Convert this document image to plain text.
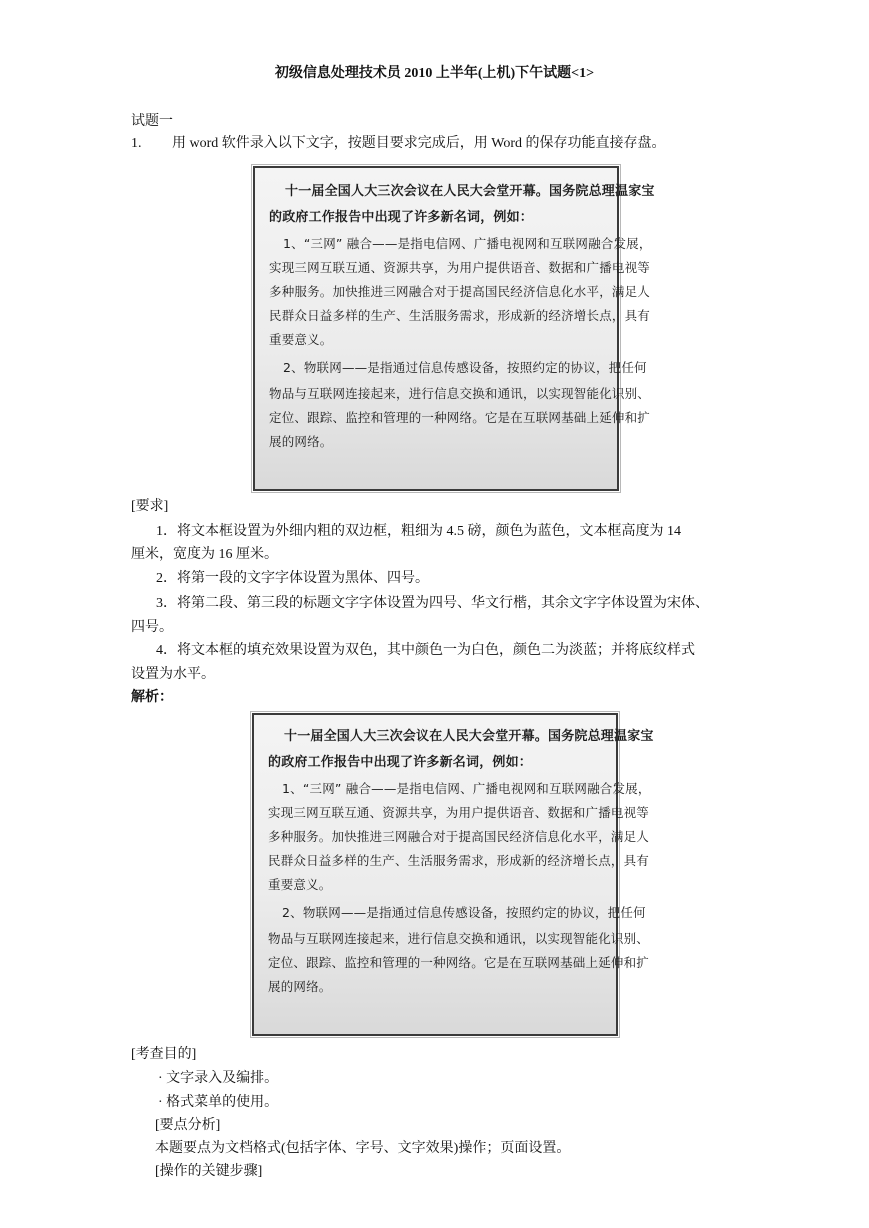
初级信息处理技术员 2010 上半年(上机)下午试题<1>
试题一
1. 用 word 软件录入以下文字，按题目要求完成后，用 Word 的保存功能直接存盘。
十一届全国人大三次会议在人民大会堂开幕。国务院总理温家宝
的政府工作报告中出现了许多新名词，例如：
1、“三网” 融合——是指电信网、广播电视网和互联网融合发展，
实现三网互联互通、资源共享，为用户提供语音、数据和广播电视等
多种服务。加快推进三网融合对于提高国民经济信息化水平，满足人
民群众日益多样的生产、生活服务需求，形成新的经济增长点，具有
重要意义。
2、物联网——是指通过信息传感设备，按照约定的协议，把任何
物品与互联网连接起来，进行信息交换和通讯，以实现智能化识别、
定位、跟踪、监控和管理的一种网络。它是在互联网基础上延伸和扩
展的网络。
[要求]
1．将文本框设置为外细内粗的双边框，粗细为 4.5 磅，颜色为蓝色，文本框高度为 14
厘米，宽度为 16 厘米。
2．将第一段的文字字体设置为黑体、四号。
3．将第二段、第三段的标题文字字体设置为四号、华文行楷，其余文字字体设置为宋体、
四号。
4．将文本框的填充效果设置为双色，其中颜色一为白色，颜色二为淡蓝；并将底纹样式
设置为水平。
解析：
十一届全国人大三次会议在人民大会堂开幕。国务院总理温家宝
的政府工作报告中出现了许多新名词，例如：
1、“三网” 融合——是指电信网、广播电视网和互联网融合发展，
实现三网互联互通、资源共享，为用户提供语音、数据和广播电视等
多种服务。加快推进三网融合对于提高国民经济信息化水平，满足人
民群众日益多样的生产、生活服务需求，形成新的经济增长点，具有
重要意义。
2、物联网——是指通过信息传感设备，按照约定的协议，把任何
物品与互联网连接起来，进行信息交换和通讯，以实现智能化识别、
定位、跟踪、监控和管理的一种网络。它是在互联网基础上延伸和扩
展的网络。
[考查目的]
· 文字录入及编排。
· 格式菜单的使用。
[要点分析]
本题要点为文档格式(包括字体、字号、文字效果)操作；页面设置。
[操作的关键步骤]
